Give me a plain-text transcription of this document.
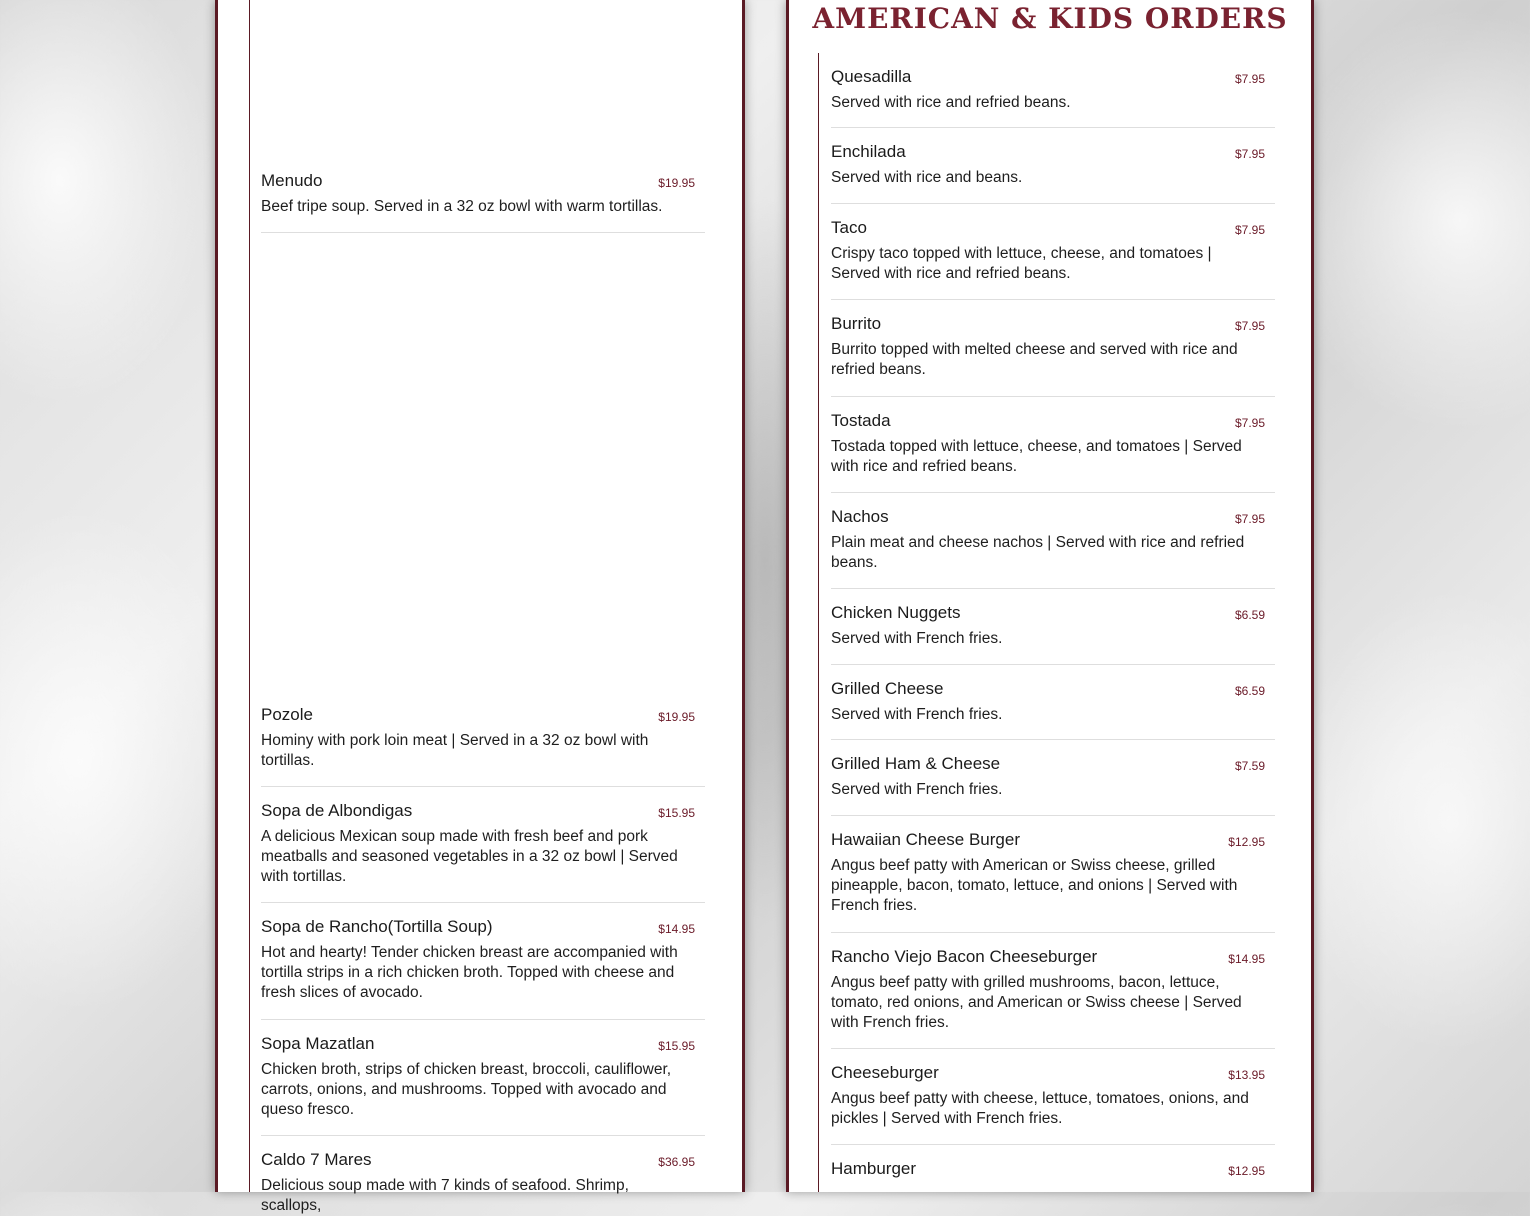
Menudo
Beef tripe soup. Served in a 32 oz bowl with warm tortillas.
$19.95
Pozole
Hominy with pork loin meat | Served in a 32 oz bowl with tortillas.
$19.95
Sopa de Albondigas
A delicious Mexican soup made with fresh beef and pork meatballs and seasoned vegetables in a 32 oz bowl | Served with tortillas.
$15.95
Sopa de Rancho(Tortilla Soup)
Hot and hearty! Tender chicken breast are accompanied with tortilla strips in a rich chicken broth. Topped with cheese and fresh slices of avocado.
$14.95
Sopa Mazatlan
Chicken broth, strips of chicken breast, broccoli, cauliflower, carrots, onions, and mushrooms. Topped with avocado and queso fresco.
$15.95
Caldo 7 Mares
Delicious soup made with 7 kinds of seafood. Shrimp, scallops,
$36.95
AMERICAN & KIDS ORDERS
Quesadilla
Served with rice and refried beans.
$7.95
Enchilada
Served with rice and beans.
$7.95
Taco
Crispy taco topped with lettuce, cheese, and tomatoes | Served with rice and refried beans.
$7.95
Burrito
Burrito topped with melted cheese and served with rice and refried beans.
$7.95
Tostada
Tostada topped with lettuce, cheese, and tomatoes | Served with rice and refried beans.
$7.95
Nachos
Plain meat and cheese nachos | Served with rice and refried beans.
$7.95
Chicken Nuggets
Served with French fries.
$6.59
Grilled Cheese
Served with French fries.
$6.59
Grilled Ham & Cheese
Served with French fries.
$7.59
Hawaiian Cheese Burger
Angus beef patty with American or Swiss cheese, grilled pineapple, bacon, tomato, lettuce, and onions | Served with French fries.
$12.95
Rancho Viejo Bacon Cheeseburger
Angus beef patty with grilled mushrooms, bacon, lettuce, tomato, red onions, and American or Swiss cheese | Served with French fries.
$14.95
Cheeseburger
Angus beef patty with cheese, lettuce, tomatoes, onions, and pickles | Served with French fries.
$13.95
Hamburger	$12.95
